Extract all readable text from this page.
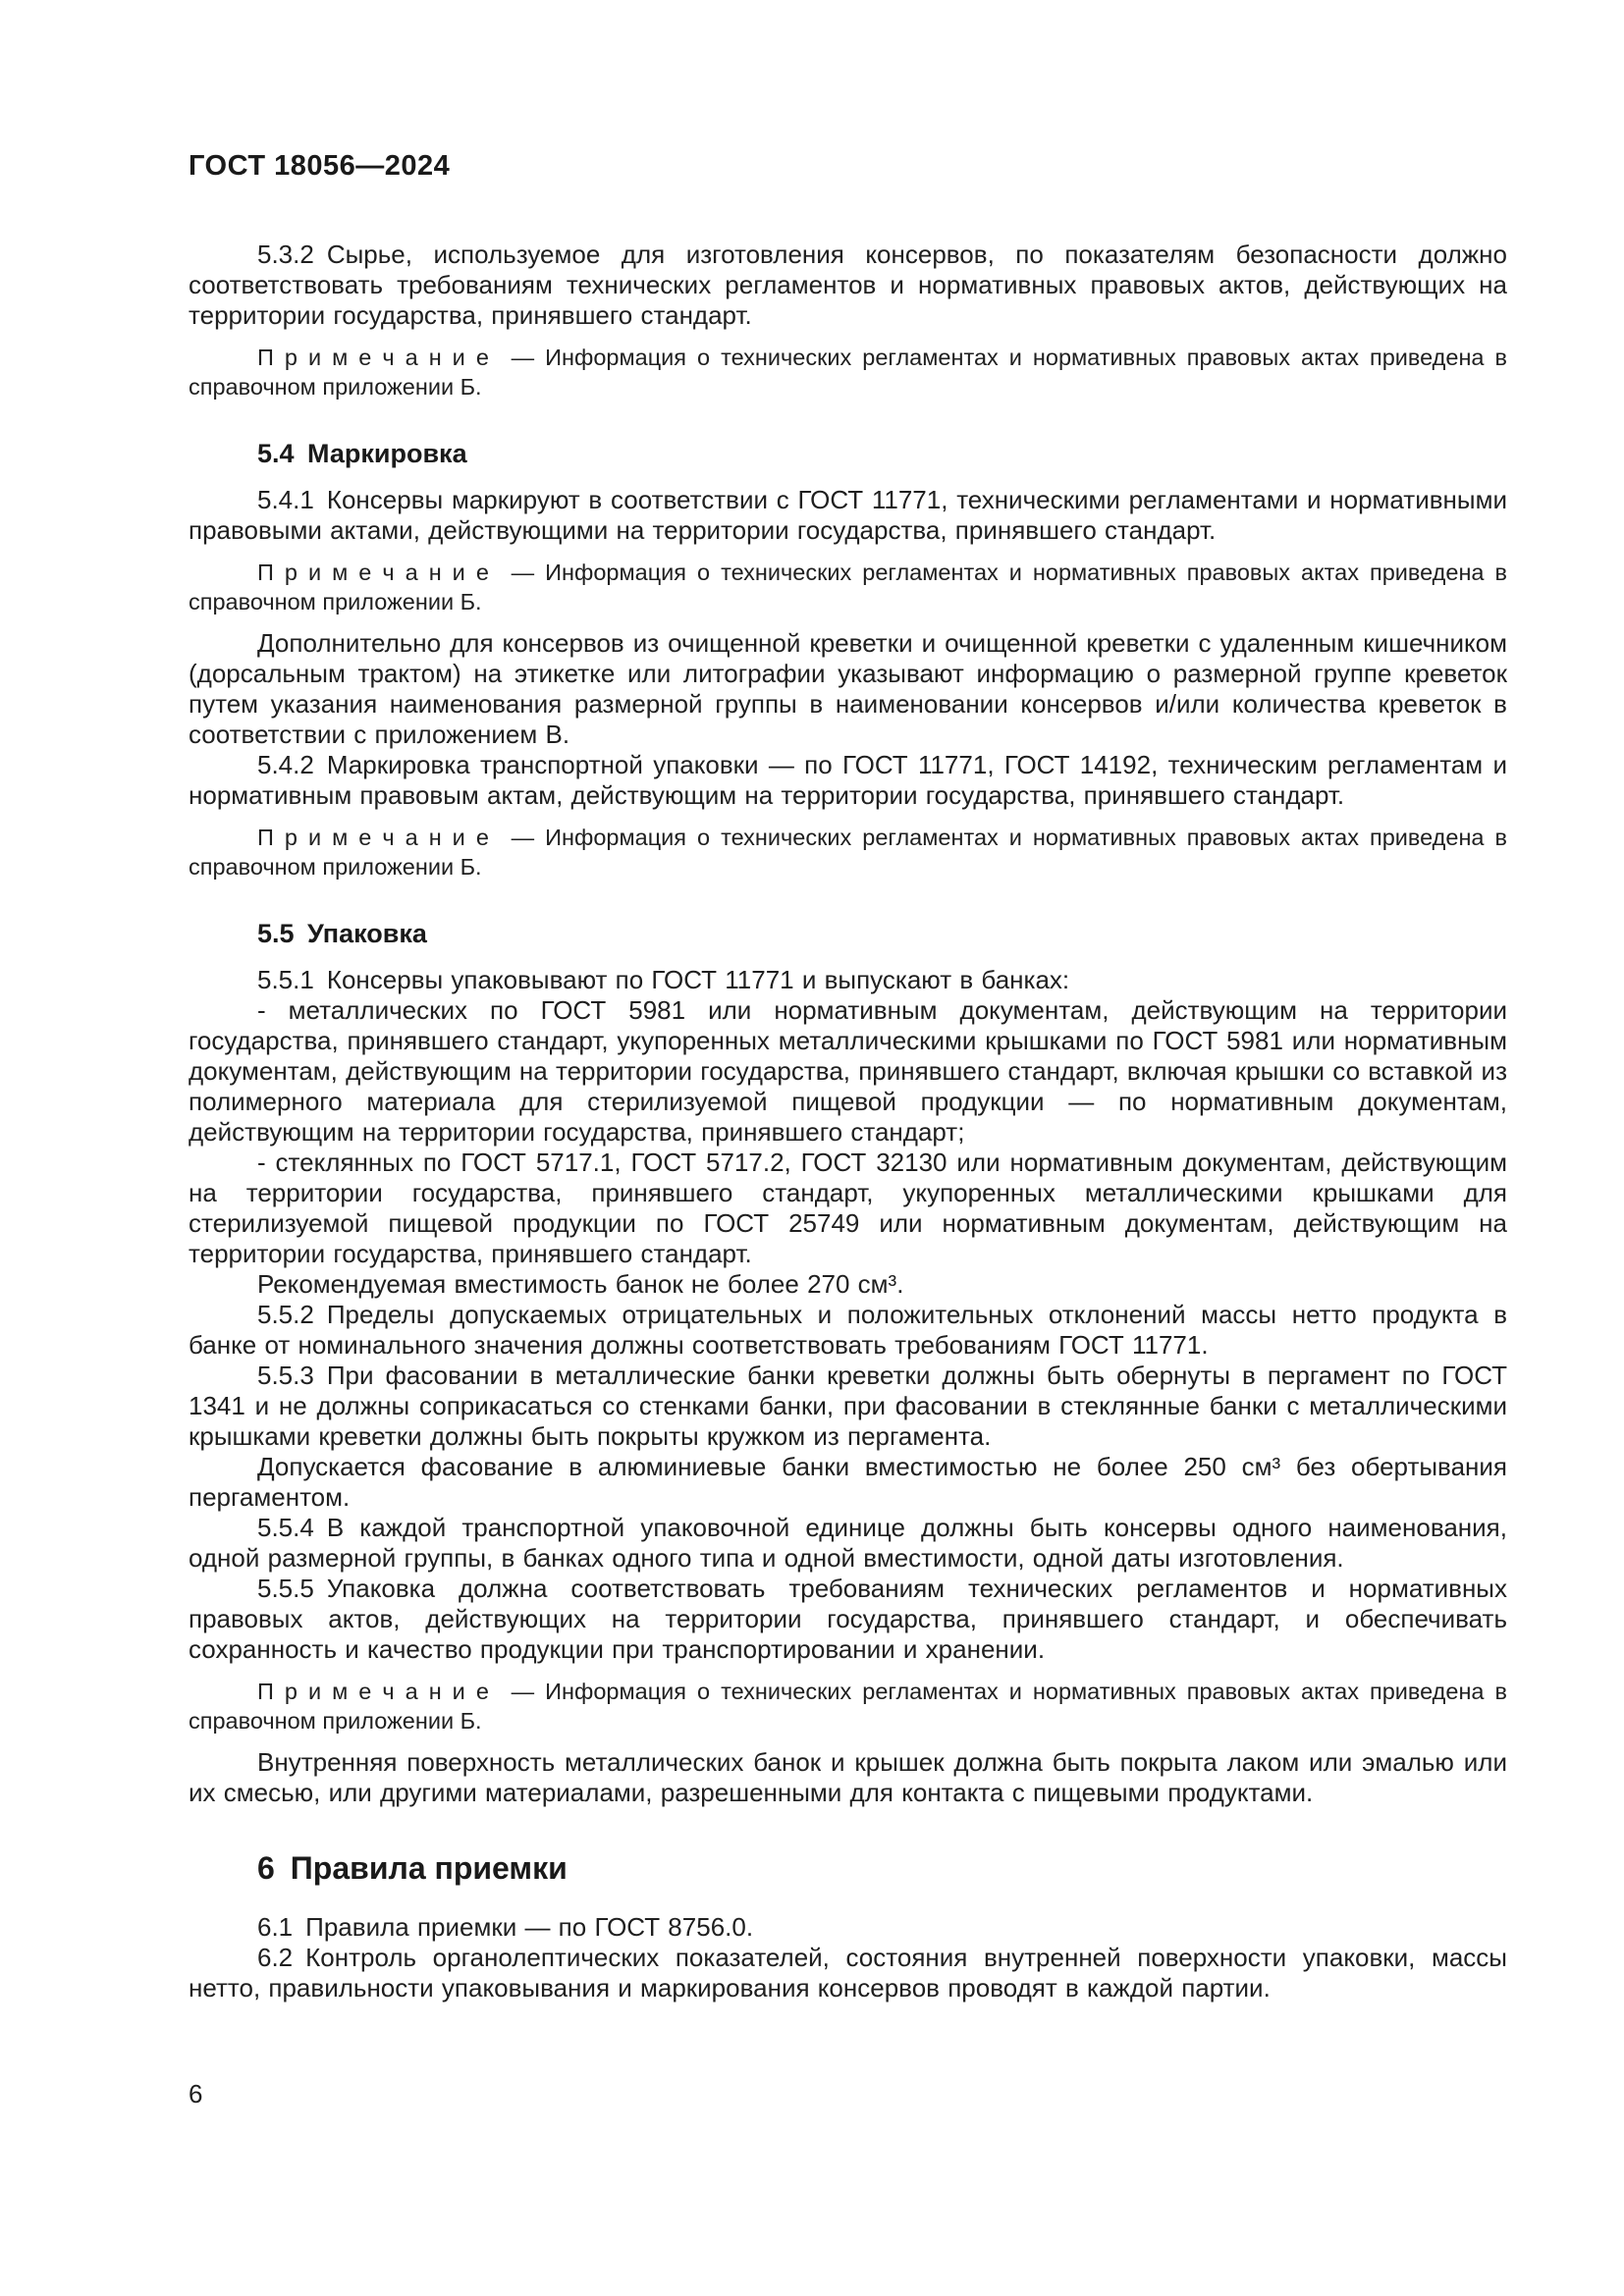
ГОСТ 18056—2024

5.3.2 Сырье, используемое для изготовления консервов, по показателям безопасности должно соответствовать требованиям технических регламентов и нормативных правовых актов, действующих на территории государства, принявшего стандарт.

П р и м е ч а н и е  — Информация о технических регламентах и нормативных правовых актах приведена в справочном приложении Б.

5.4 Маркировка

5.4.1 Консервы маркируют в соответствии с ГОСТ 11771, техническими регламентами и нормативными правовыми актами, действующими на территории государства, принявшего стандарт.

П р и м е ч а н и е  — Информация о технических регламентах и нормативных правовых актах приведена в справочном приложении Б.

Дополнительно для консервов из очищенной креветки и очищенной креветки с удаленным кишечником (дорсальным трактом) на этикетке или литографии указывают информацию о размерной группе креветок путем указания наименования размерной группы в наименовании консервов и/или количества креветок в соответствии с приложением В.

5.4.2 Маркировка транспортной упаковки — по ГОСТ 11771, ГОСТ 14192, техническим регламентам и нормативным правовым актам, действующим на территории государства, принявшего стандарт.

П р и м е ч а н и е  — Информация о технических регламентах и нормативных правовых актах приведена в справочном приложении Б.

5.5 Упаковка

5.5.1 Консервы упаковывают по ГОСТ 11771 и выпускают в банках:

- металлических по ГОСТ 5981 или нормативным документам, действующим на территории государства, принявшего стандарт, укупоренных металлическими крышками по ГОСТ 5981 или нормативным документам, действующим на территории государства, принявшего стандарт, включая крышки со вставкой из полимерного материала для стерилизуемой пищевой продукции — по нормативным документам, действующим на территории государства, принявшего стандарт;

- стеклянных по ГОСТ 5717.1, ГОСТ 5717.2, ГОСТ 32130 или нормативным документам, действующим на территории государства, принявшего стандарт, укупоренных металлическими крышками для стерилизуемой пищевой продукции по ГОСТ 25749 или нормативным документам, действующим на территории государства, принявшего стандарт.

Рекомендуемая вместимость банок не более 270 см³.

5.5.2 Пределы допускаемых отрицательных и положительных отклонений массы нетто продукта в банке от номинального значения должны соответствовать требованиям ГОСТ 11771.

5.5.3 При фасовании в металлические банки креветки должны быть обернуты в пергамент по ГОСТ 1341 и не должны соприкасаться со стенками банки, при фасовании в стеклянные банки с металлическими крышками креветки должны быть покрыты кружком из пергамента.

Допускается фасование в алюминиевые банки вместимостью не более 250 см³ без обертывания пергаментом.

5.5.4 В каждой транспортной упаковочной единице должны быть консервы одного наименования, одной размерной группы, в банках одного типа и одной вместимости, одной даты изготовления.

5.5.5 Упаковка должна соответствовать требованиям технических регламентов и нормативных правовых актов, действующих на территории государства, принявшего стандарт, и обеспечивать сохранность и качество продукции при транспортировании и хранении.

П р и м е ч а н и е  — Информация о технических регламентах и нормативных правовых актах приведена в справочном приложении Б.

Внутренняя поверхность металлических банок и крышек должна быть покрыта лаком или эмалью или их смесью, или другими материалами, разрешенными для контакта с пищевыми продуктами.

6 Правила приемки

6.1 Правила приемки — по ГОСТ 8756.0.

6.2 Контроль органолептических показателей, состояния внутренней поверхности упаковки, массы нетто, правильности упаковывания и маркирования консервов проводят в каждой партии.

6
